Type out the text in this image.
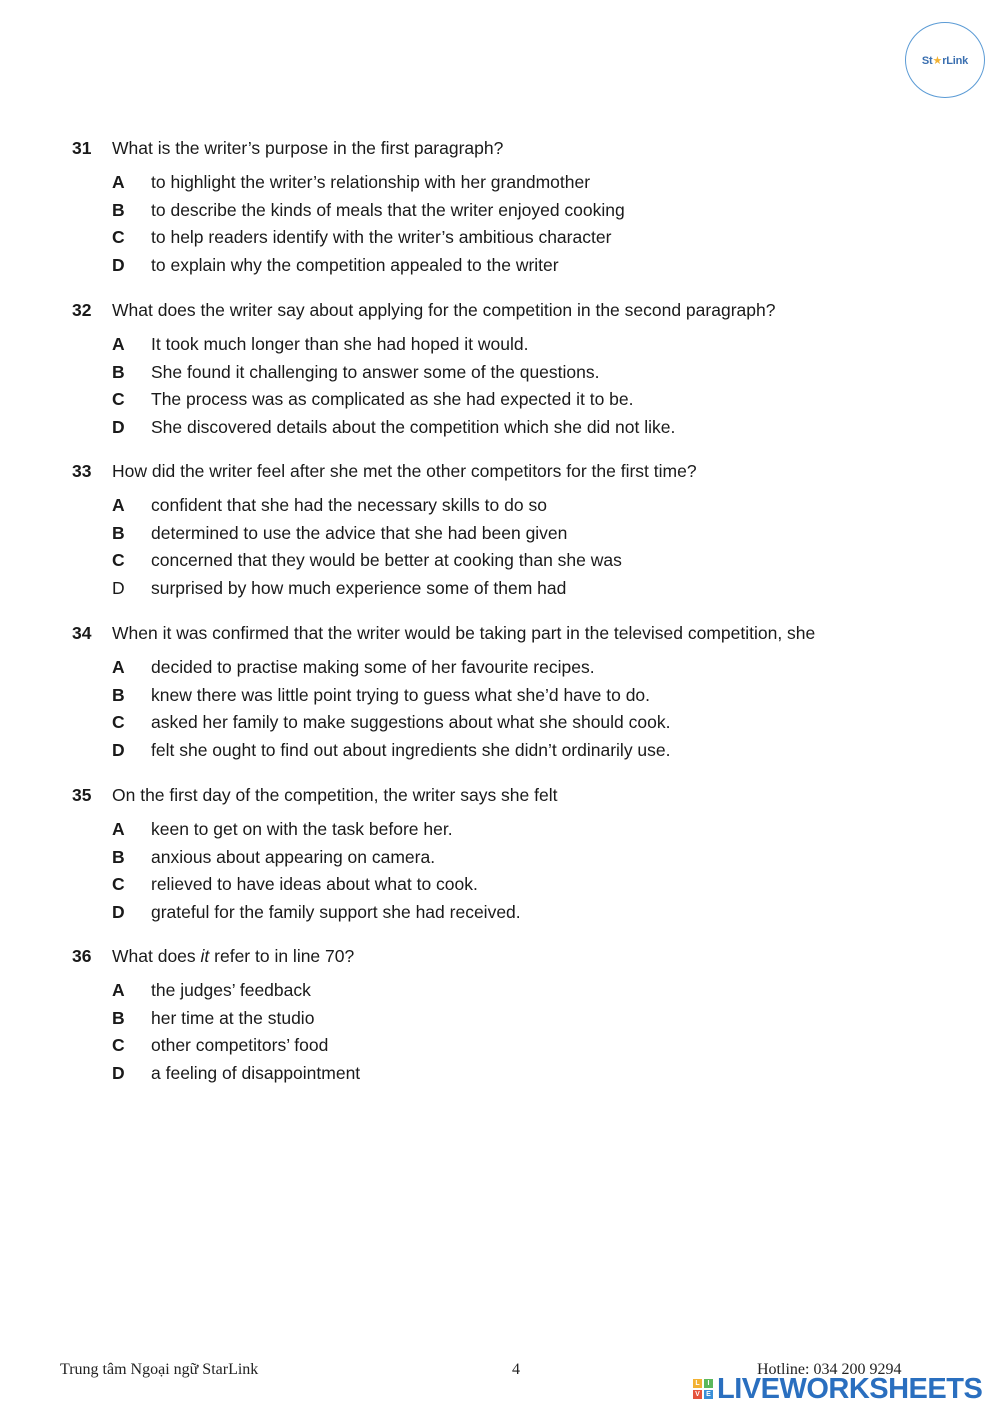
St★rLink
31	What is the writer’s purpose in the first paragraph?
A	to highlight the writer’s relationship with her grandmother
B	to describe the kinds of meals that the writer enjoyed cooking
C	to help readers identify with the writer’s ambitious character
D	to explain why the competition appealed to the writer
32	What does the writer say about applying for the competition in the second paragraph?
A	It took much longer than she had hoped it would.
B	She found it challenging to answer some of the questions.
C	The process was as complicated as she had expected it to be.
D	She discovered details about the competition which she did not like.
33	How did the writer feel after she met the other competitors for the first time?
A	confident that she had the necessary skills to do so
B	determined to use the advice that she had been given
C	concerned that they would be better at cooking than she was
D	surprised by how much experience some of them had
34	When it was confirmed that the writer would be taking part in the televised competition, she
A	decided to practise making some of her favourite recipes.
B	knew there was little point trying to guess what she’d have to do.
C	asked her family to make suggestions about what she should cook.
D	felt she ought to find out about ingredients she didn’t ordinarily use.
35	On the first day of the competition, the writer says she felt
A	keen to get on with the task before her.
B	anxious about appearing on camera.
C	relieved to have ideas about what to cook.
D	grateful for the family support she had received.
36	What does it refer to in line 70?
A	the judges’ feedback
B	her time at the studio
C	other competitors’ food
D	a feeling of disappointment
Trung tâm Ngoại ngữ StarLink	4	Hotline: 034 200 9294
L	I
V E LIVEWORKSHEETS
